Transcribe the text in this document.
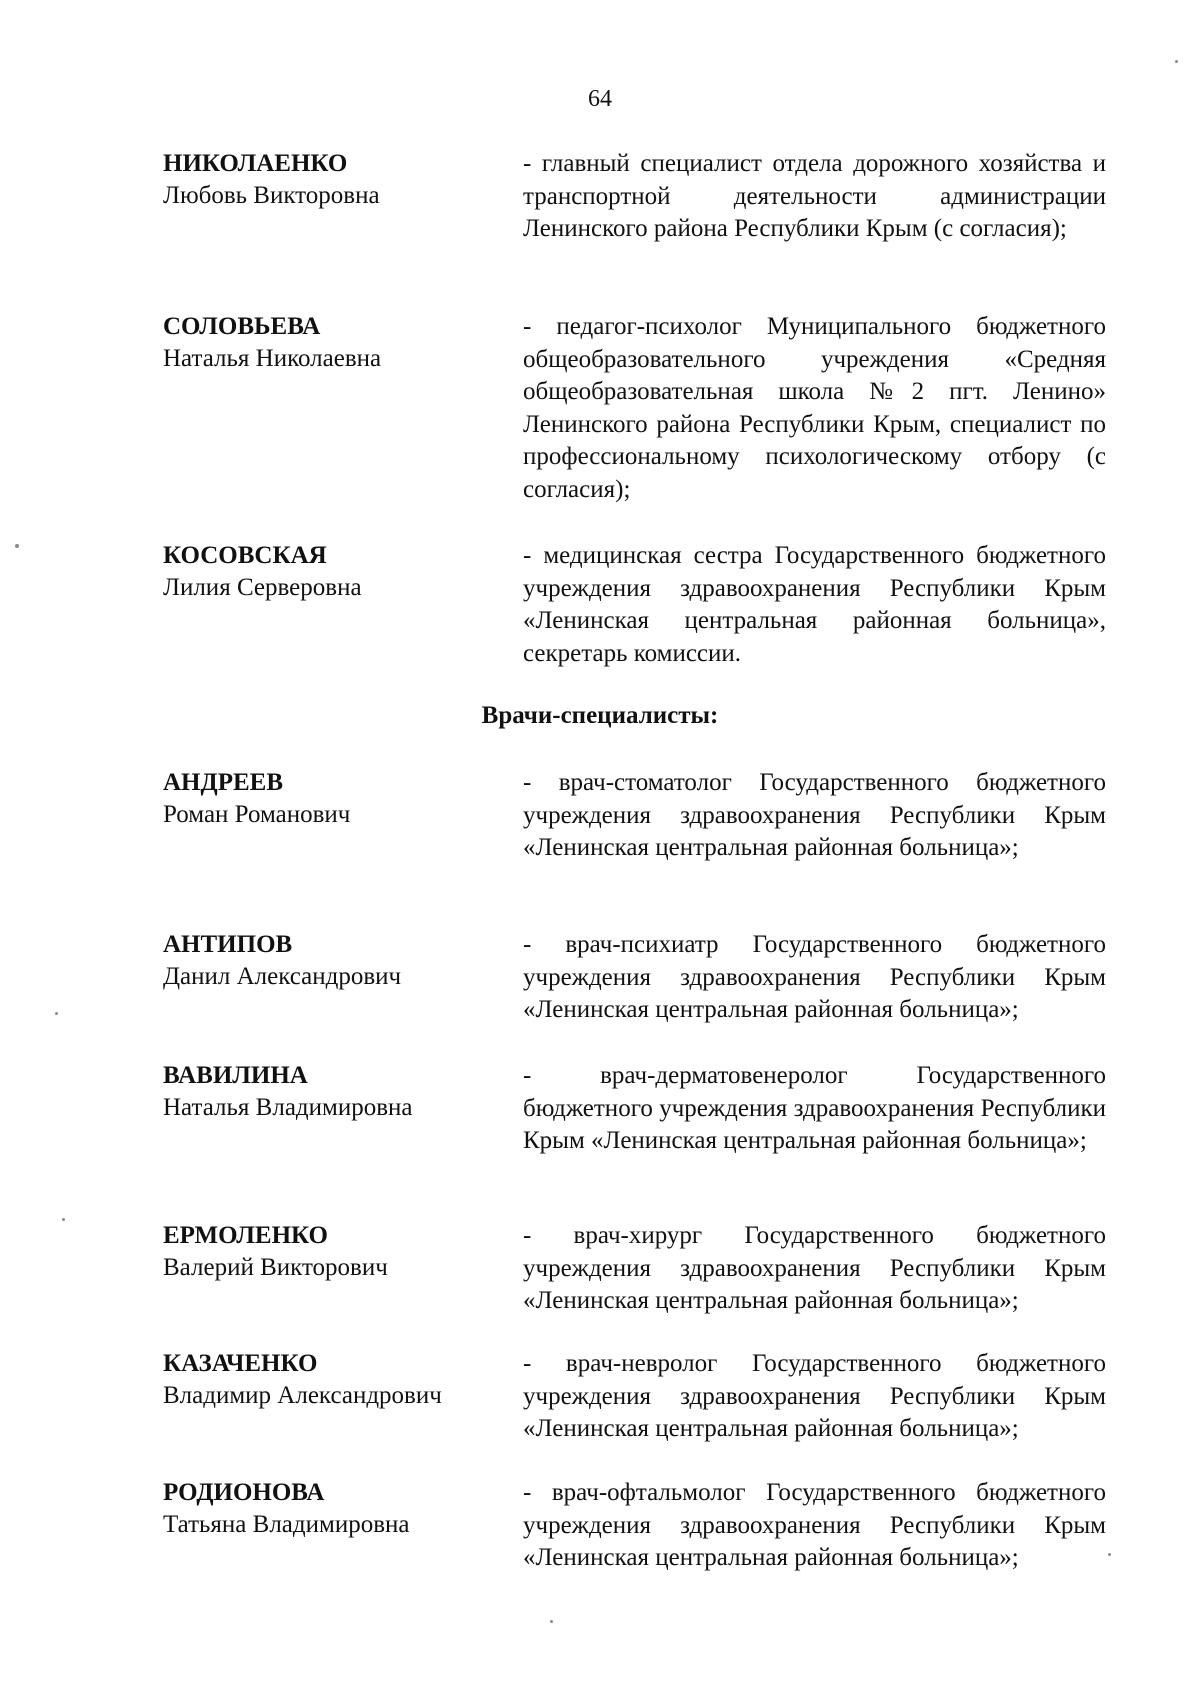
64
НИКОЛАЕНКО
Любовь Викторовна
- главный специалист отдела дорожного хозяйства и транспортной деятельности администрации Ленинского района Республики Крым (с согласия);
СОЛОВЬЕВА
Наталья Николаевна
- педагог-психолог Муниципального бюджетного общеобразовательного учреждения «Средняя общеобразовательная школа №2 пгт. Ленино» Ленинского района Республики Крым, специалист по профессиональному психологическому отбору (с согласия);
КОСОВСКАЯ
Лилия Серверовна
- медицинская сестра Государственного бюджетного учреждения здравоохранения Республики Крым «Ленинская центральная районная больница», секретарь комиссии.
Врачи-специалисты:
АНДРЕЕВ
Роман Романович
- врач-стоматолог Государственного бюджетного учреждения здравоохранения Республики Крым «Ленинская центральная районная больница»;
АНТИПОВ
Данил Александрович
- врач-психиатр Государственного бюджетного учреждения здравоохранения Республики Крым «Ленинская центральная районная больница»;
ВАВИЛИНА
Наталья Владимировна
- врач-дерматовенеролог Государственного бюджетного учреждения здравоохранения Республики Крым «Ленинская центральная районная больница»;
ЕРМОЛЕНКО
Валерий Викторович
- врач-хирург Государственного бюджетного учреждения здравоохранения Республики Крым «Ленинская центральная районная больница»;
КАЗАЧЕНКО
Владимир Александрович
- врач-невролог Государственного бюджетного учреждения здравоохранения Республики Крым «Ленинская центральная районная больница»;
РОДИОНОВА
Татьяна Владимировна
- врач-офтальмолог Государственного бюджетного учреждения здравоохранения Республики Крым «Ленинская центральная районная больница»;
